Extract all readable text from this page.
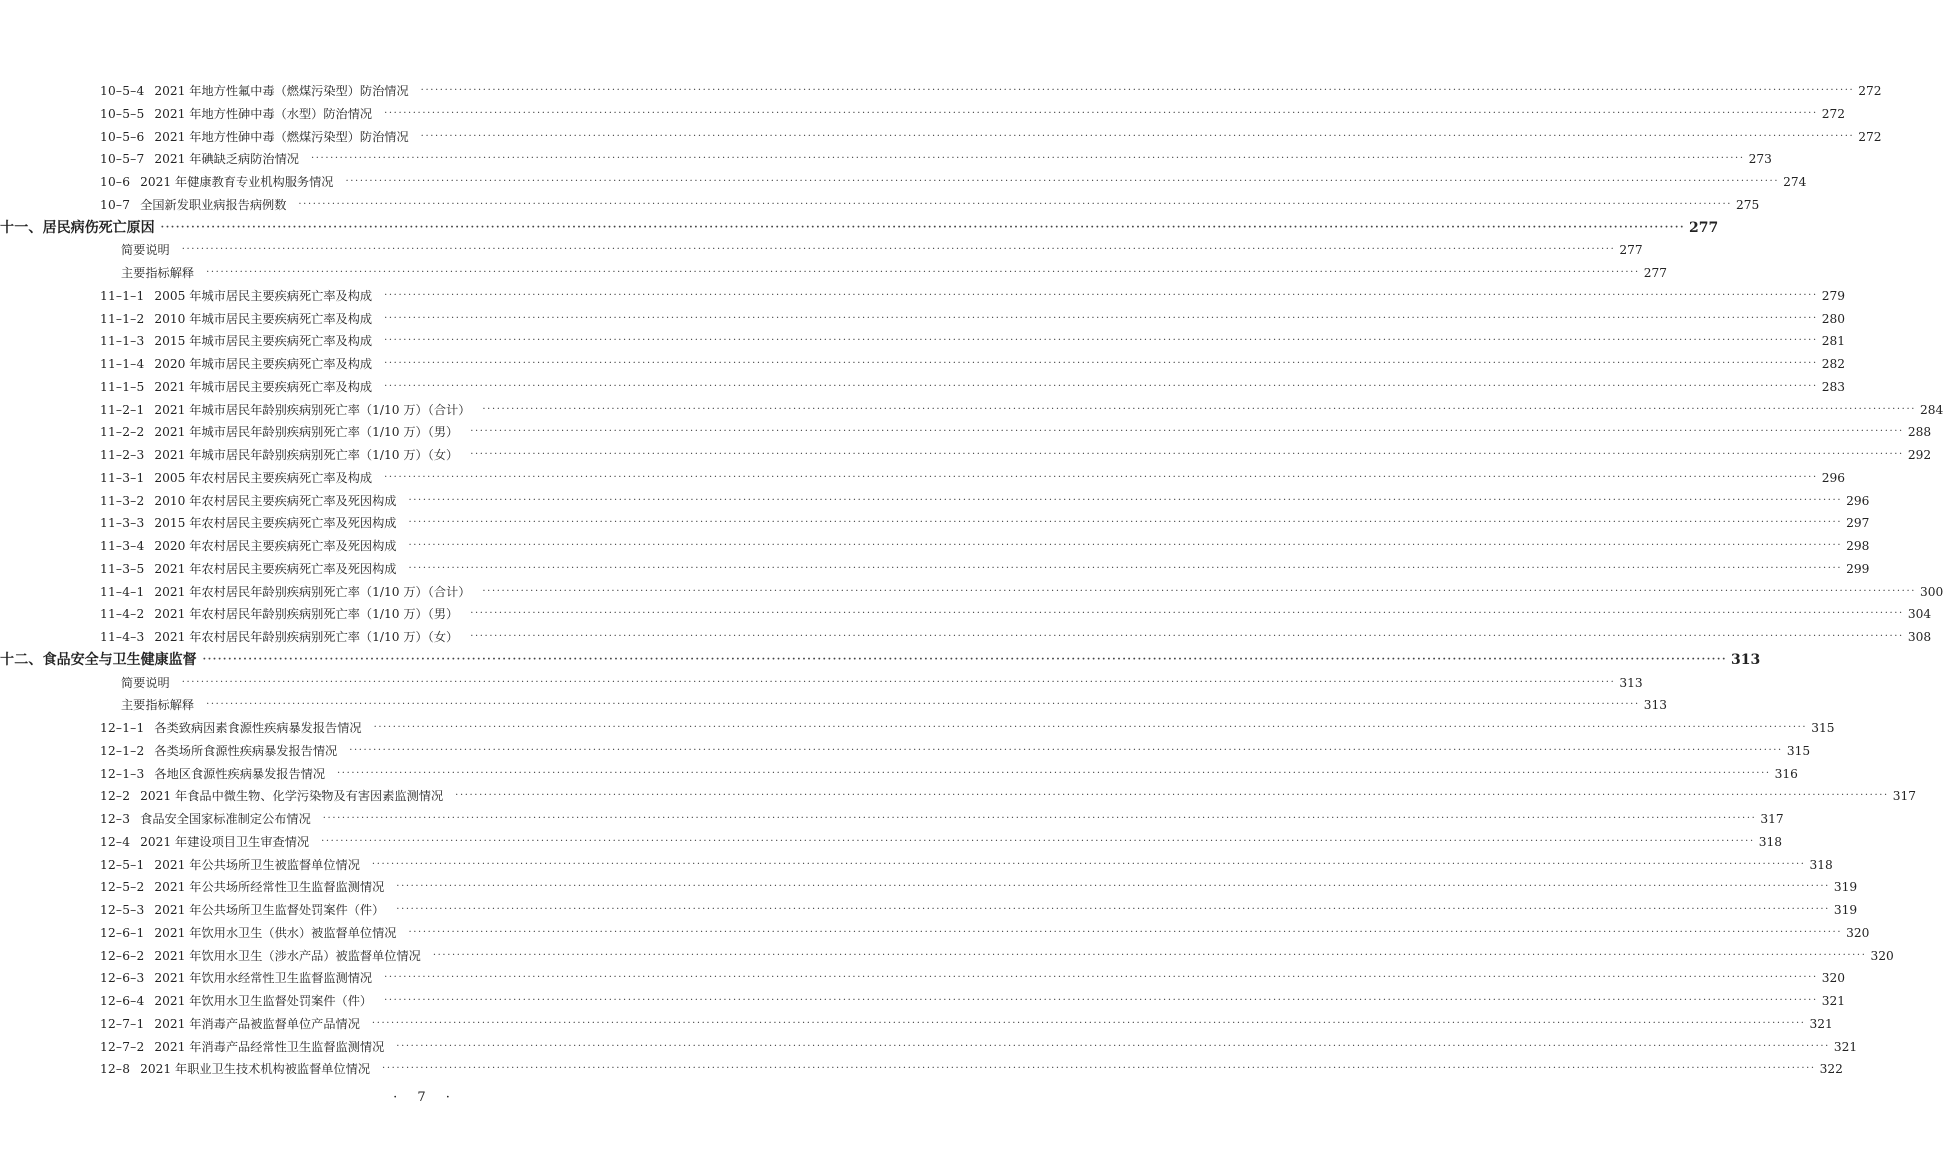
10–5–4 2021 年地方性氟中毒（燃煤污染型）防治情况 ············································································································································································································································································································ 272
10–5–5 2021 年地方性砷中毒（水型）防治情况 ············································································································································································································································································································ 272
10–5–6 2021 年地方性砷中毒（燃煤污染型）防治情况 ············································································································································································································································································································ 272
10–5–7 2021 年碘缺乏病防治情况 ············································································································································································································································································································ 273
10–6 2021 年健康教育专业机构服务情况 ············································································································································································································································································································ 274
10–7 全国新发职业病报告病例数 ············································································································································································································································································································ 275
十一、 居民病伤死亡原因 ············································································································································································································································································································ 277
简要说明 ············································································································································································································································································································ 277
主要指标解释 ············································································································································································································································································································ 277
11–1–1 2005 年城市居民主要疾病死亡率及构成 ············································································································································································································································································································ 279
11–1–2 2010 年城市居民主要疾病死亡率及构成 ············································································································································································································································································································ 280
11–1–3 2015 年城市居民主要疾病死亡率及构成 ············································································································································································································································································································ 281
11–1–4 2020 年城市居民主要疾病死亡率及构成 ············································································································································································································································································································ 282
11–1–5 2021 年城市居民主要疾病死亡率及构成 ············································································································································································································································································································ 283
11–2–1 2021 年城市居民年龄别疾病别死亡率（1/10 万）（合计） ············································································································································································································································································································ 284
11–2–2 2021 年城市居民年龄别疾病别死亡率（1/10 万）（男） ············································································································································································································································································································ 288
11–2–3 2021 年城市居民年龄别疾病别死亡率（1/10 万）（女） ············································································································································································································································································································ 292
11–3–1 2005 年农村居民主要疾病死亡率及构成 ············································································································································································································································································································ 296
11–3–2 2010 年农村居民主要疾病死亡率及死因构成 ············································································································································································································································································································ 296
11–3–3 2015 年农村居民主要疾病死亡率及死因构成 ············································································································································································································································································································ 297
11–3–4 2020 年农村居民主要疾病死亡率及死因构成 ············································································································································································································································································································ 298
11–3–5 2021 年农村居民主要疾病死亡率及死因构成 ············································································································································································································································································································ 299
11–4–1 2021 年农村居民年龄别疾病别死亡率（1/10 万）（合计） ············································································································································································································································································································ 300
11–4–2 2021 年农村居民年龄别疾病别死亡率（1/10 万）（男） ············································································································································································································································································································ 304
11–4–3 2021 年农村居民年龄别疾病别死亡率（1/10 万）（女） ············································································································································································································································································································ 308
十二、 食品安全与卫生健康监督 ············································································································································································································································································································ 313
简要说明 ············································································································································································································································································································ 313
主要指标解释 ············································································································································································································································································································ 313
12–1–1 各类致病因素食源性疾病暴发报告情况 ············································································································································································································································································································ 315
12–1–2 各类场所食源性疾病暴发报告情况 ············································································································································································································································································································ 315
12–1–3 各地区食源性疾病暴发报告情况 ············································································································································································································································································································ 316
12–2 2021 年食品中微生物、化学污染物及有害因素监测情况 ············································································································································································································································································································ 317
12–3 食品安全国家标准制定公布情况 ············································································································································································································································································································ 317
12–4 2021 年建设项目卫生审查情况 ············································································································································································································································································································ 318
12–5–1 2021 年公共场所卫生被监督单位情况 ············································································································································································································································································································ 318
12–5–2 2021 年公共场所经常性卫生监督监测情况 ············································································································································································································································································································ 319
12–5–3 2021 年公共场所卫生监督处罚案件（件） ············································································································································································································································································································ 319
12–6–1 2021 年饮用水卫生（供水）被监督单位情况 ············································································································································································································································································································ 320
12–6–2 2021 年饮用水卫生（涉水产品）被监督单位情况 ············································································································································································································································································································ 320
12–6–3 2021 年饮用水经常性卫生监督监测情况 ············································································································································································································································································································ 320
12–6–4 2021 年饮用水卫生监督处罚案件（件） ············································································································································································································································································································ 321
12–7–1 2021 年消毒产品被监督单位产品情况 ············································································································································································································································································································ 321
12–7–2 2021 年消毒产品经常性卫生监督监测情况 ············································································································································································································································································································ 321
12–8 2021 年职业卫生技术机构被监督单位情况 ············································································································································································································································································································ 322
· 7 ·
